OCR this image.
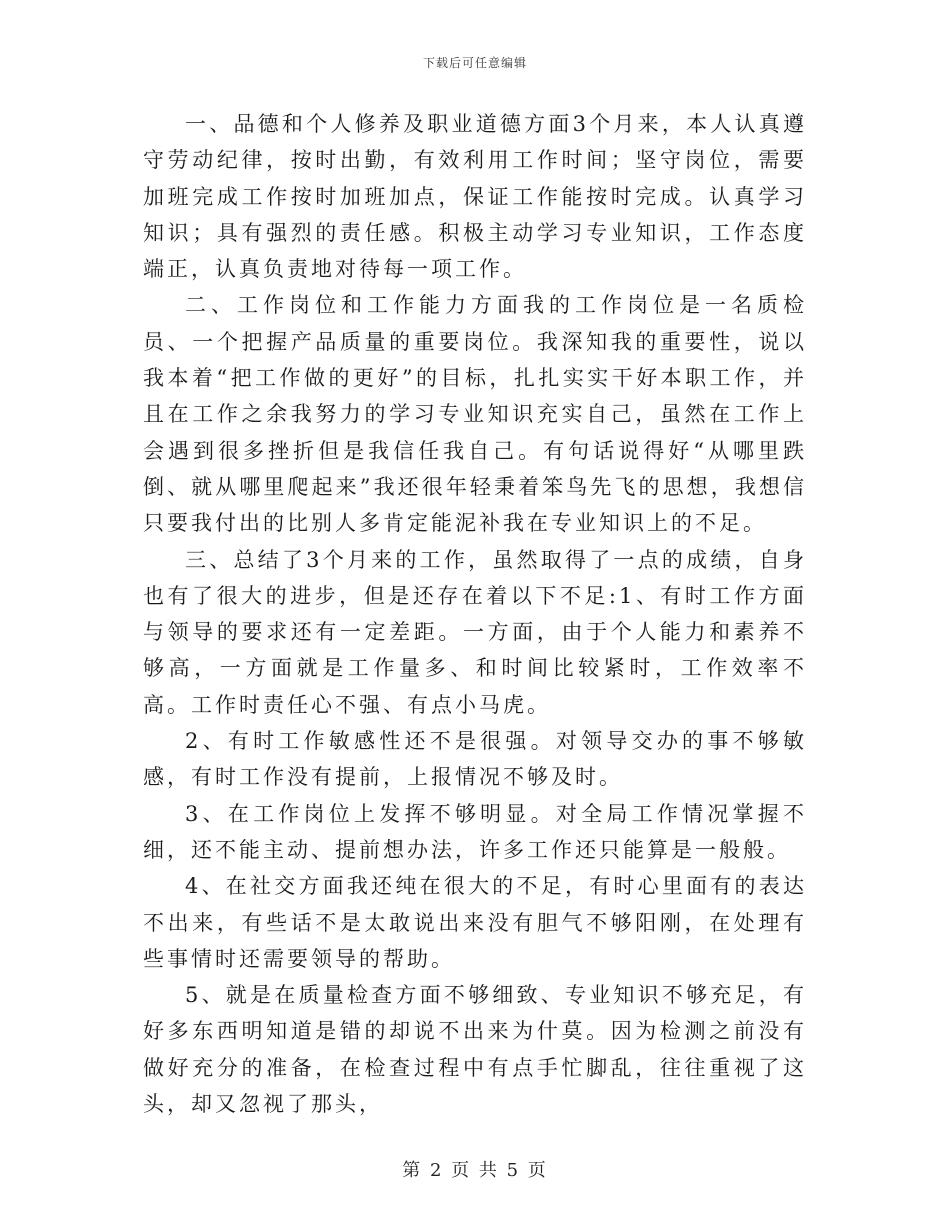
下载后可任意编辑

一、品德和个人修养及职业道德方面3个月来，本人认真遵守劳动纪律，按时出勤，有效利用工作时间；坚守岗位，需要加班完成工作按时加班加点，保证工作能按时完成。认真学习知识；具有强烈的责任感。积极主动学习专业知识，工作态度端正，认真负责地对待每一项工作。

二、工作岗位和工作能力方面我的工作岗位是一名质检员、一个把握产品质量的重要岗位。我深知我的重要性，说以我本着“把工作做的更好”的目标，扎扎实实干好本职工作，并且在工作之余我努力的学习专业知识充实自己，虽然在工作上会遇到很多挫折但是我信任我自己。有句话说得好“从哪里跌倒、就从哪里爬起来”我还很年轻秉着笨鸟先飞的思想，我想信只要我付出的比别人多肯定能泥补我在专业知识上的不足。

三、总结了3个月来的工作，虽然取得了一点的成绩，自身也有了很大的进步，但是还存在着以下不足:1、有时工作方面与领导的要求还有一定差距。一方面，由于个人能力和素养不够高，一方面就是工作量多、和时间比较紧时，工作效率不高。工作时责任心不强、有点小马虎。

2、有时工作敏感性还不是很强。对领导交办的事不够敏感，有时工作没有提前，上报情况不够及时。

3、在工作岗位上发挥不够明显。对全局工作情况掌握不细，还不能主动、提前想办法，许多工作还只能算是一般般。

4、在社交方面我还纯在很大的不足，有时心里面有的表达不出来，有些话不是太敢说出来没有胆气不够阳刚，在处理有些事情时还需要领导的帮助。

5、就是在质量检查方面不够细致、专业知识不够充足，有好多东西明知道是错的却说不出来为什莫。因为检测之前没有做好充分的准备，在检查过程中有点手忙脚乱，往往重视了这头，却又忽视了那头，

第 2 页 共 5 页
